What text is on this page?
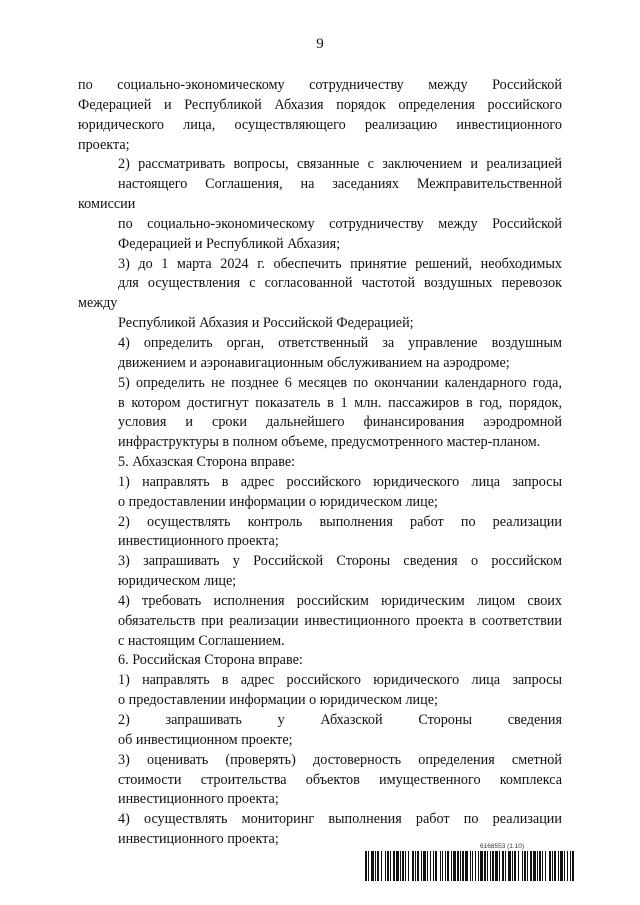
9

по социально-экономическому сотрудничеству между Российской
Федерацией и Республикой Абхазия порядок определения российского
юридического лица, осуществляющего реализацию инвестиционного
проекта;

2) рассматривать вопросы, связанные с заключением и реализацией
настоящего Соглашения, на заседаниях Межправительственной комиссии
по социально-экономическому сотрудничеству между Российской
Федерацией и Республикой Абхазия;

3) до 1 марта 2024 г. обеспечить принятие решений, необходимых
для осуществления с согласованной частотой воздушных перевозок между
Республикой Абхазия и Российской Федерацией;

4) определить орган, ответственный за управление воздушным
движением и аэронавигационным обслуживанием на аэродроме;

5) определить не позднее 6 месяцев по окончании календарного года,
в котором достигнут показатель в 1 млн. пассажиров в год, порядок,
условия и сроки дальнейшего финансирования аэродромной
инфраструктуры в полном объеме, предусмотренного мастер-планом.

5. Абхазская Сторона вправе:

1) направлять в адрес российского юридического лица запросы
о предоставлении информации о юридическом лице;

2) осуществлять контроль выполнения работ по реализации
инвестиционного проекта;

3) запрашивать у Российской Стороны сведения о российском
юридическом лице;

4) требовать исполнения российским юридическим лицом своих
обязательств при реализации инвестиционного проекта в соответствии
с настоящим Соглашением.

6. Российская Сторона вправе:

1) направлять в адрес российского юридического лица запросы
о предоставлении информации о юридическом лице;

2) запрашивать у Абхазской Стороны сведения
об инвестиционном проекте;

3) оценивать (проверять) достоверность определения сметной
стоимости строительства объектов имущественного комплекса
инвестиционного проекта;

4) осуществлять мониторинг выполнения работ по реализации
инвестиционного проекта;	6168553 (1.10)
